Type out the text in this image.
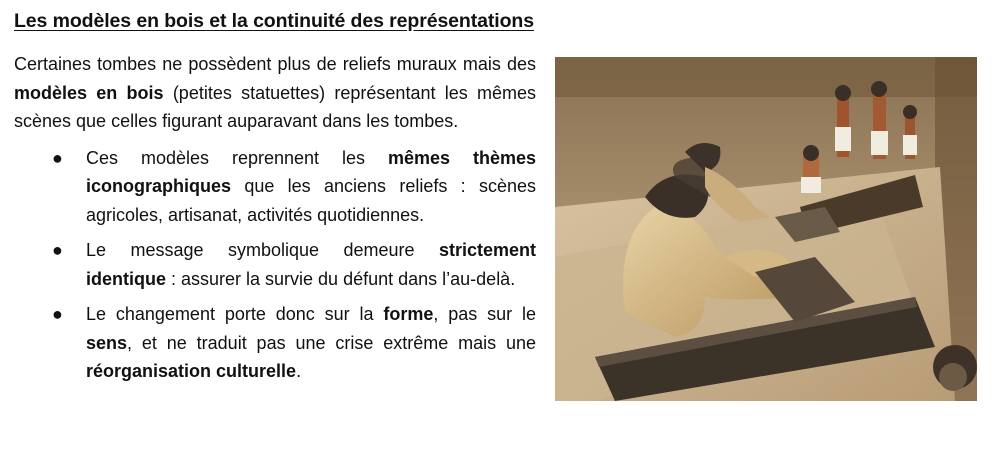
Les modèles en bois et la continuité des représentations

Certaines tombes ne possèdent plus de reliefs muraux mais des modèles en bois (petites statuettes) représentant les mêmes scènes que celles figurant auparavant dans les tombes.

● Ces modèles reprennent les mêmes thèmes iconographiques que les anciens reliefs : scènes agricoles, artisanat, activités quotidiennes.
● Le message symbolique demeure strictement identique : assurer la survie du défunt dans l’au-delà.
● Le changement porte donc sur la forme, pas sur le sens, et ne traduit pas une crise extrême mais une réorganisation culturelle.
